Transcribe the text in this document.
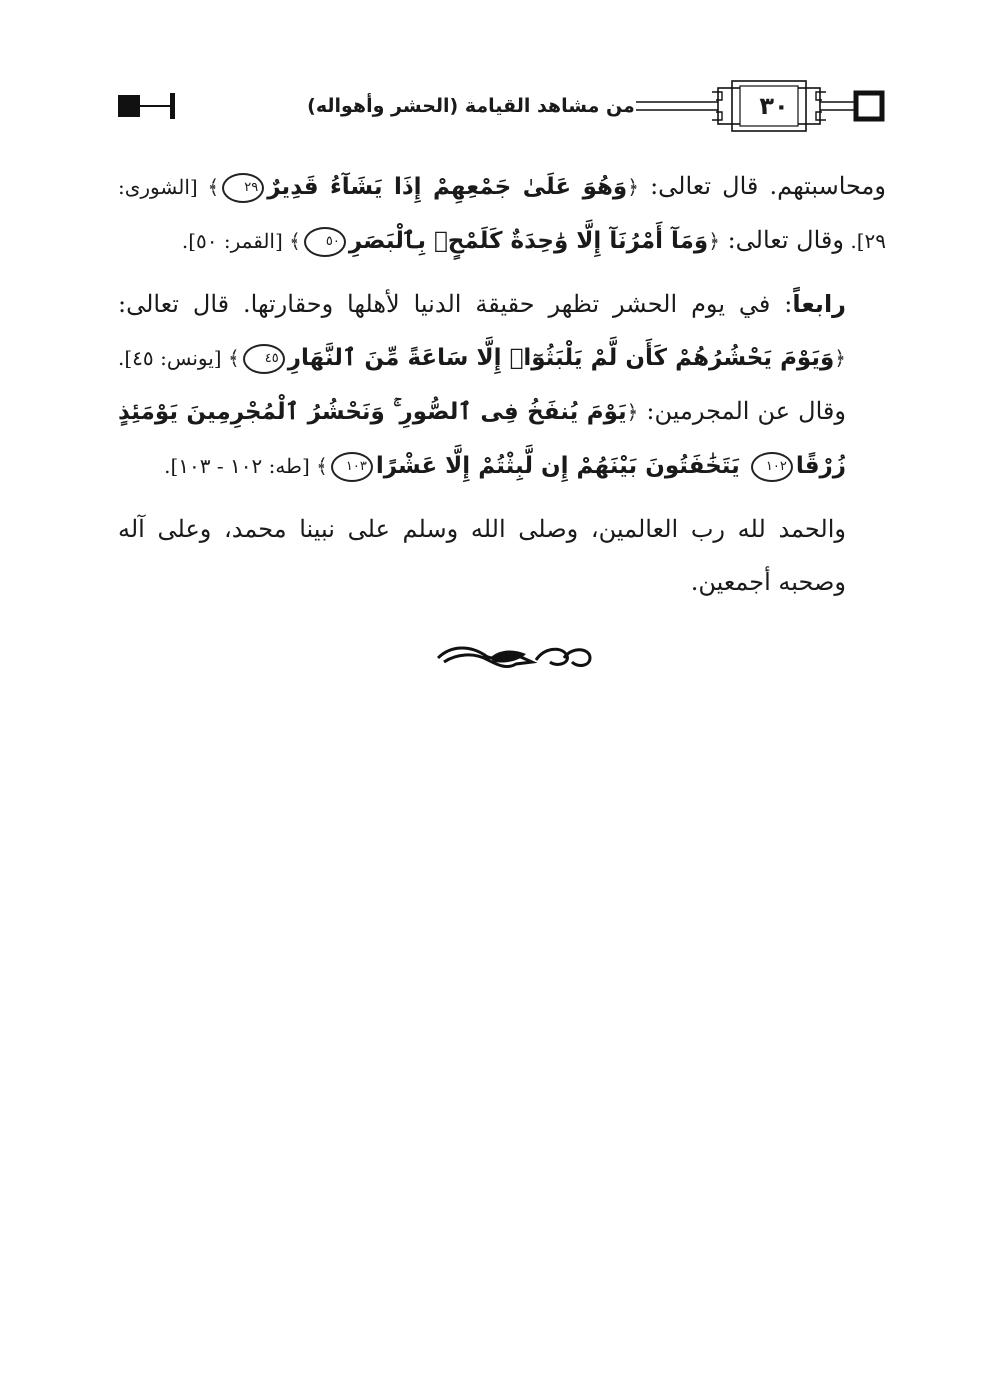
من مشاهد القيامة (الحشر وأهواله)	٣٠

ومحاسبتهم. قال تعالى: ﴿وَهُوَ عَلَىٰ جَمْعِهِمْ إِذَا يَشَآءُ قَدِيرٌ٢٩﴾ [الشورى: ٢٩]. وقال تعالى: ﴿وَمَآ أَمْرُنَآ إِلَّا وَٰحِدَةٌ كَلَمْحٍۭ بِٱلْبَصَرِ٥٠﴾ [القمر: ٥٠].

رابعاً: في يوم الحشر تظهر حقيقة الدنيا لأهلها وحقارتها. قال تعالى: ﴿وَيَوْمَ يَحْشُرُهُمْ كَأَن لَّمْ يَلْبَثُوٓا۟ إِلَّا سَاعَةً مِّنَ ٱلنَّهَارِ٤٥﴾ [يونس: ٤٥]. وقال عن المجرمين: ﴿يَوْمَ يُنفَخُ فِى ٱلصُّورِ ۚ وَنَحْشُرُ ٱلْمُجْرِمِينَ يَوْمَئِذٍ زُرْقًا١٠٢ يَتَخَٰفَتُونَ بَيْنَهُمْ إِن لَّبِثْتُمْ إِلَّا عَشْرًا١٠٣﴾ [طه: ١٠٢ - ١٠٣].

والحمد لله رب العالمين، وصلى الله وسلم على نبينا محمد، وعلى آله وصحبه أجمعين.
